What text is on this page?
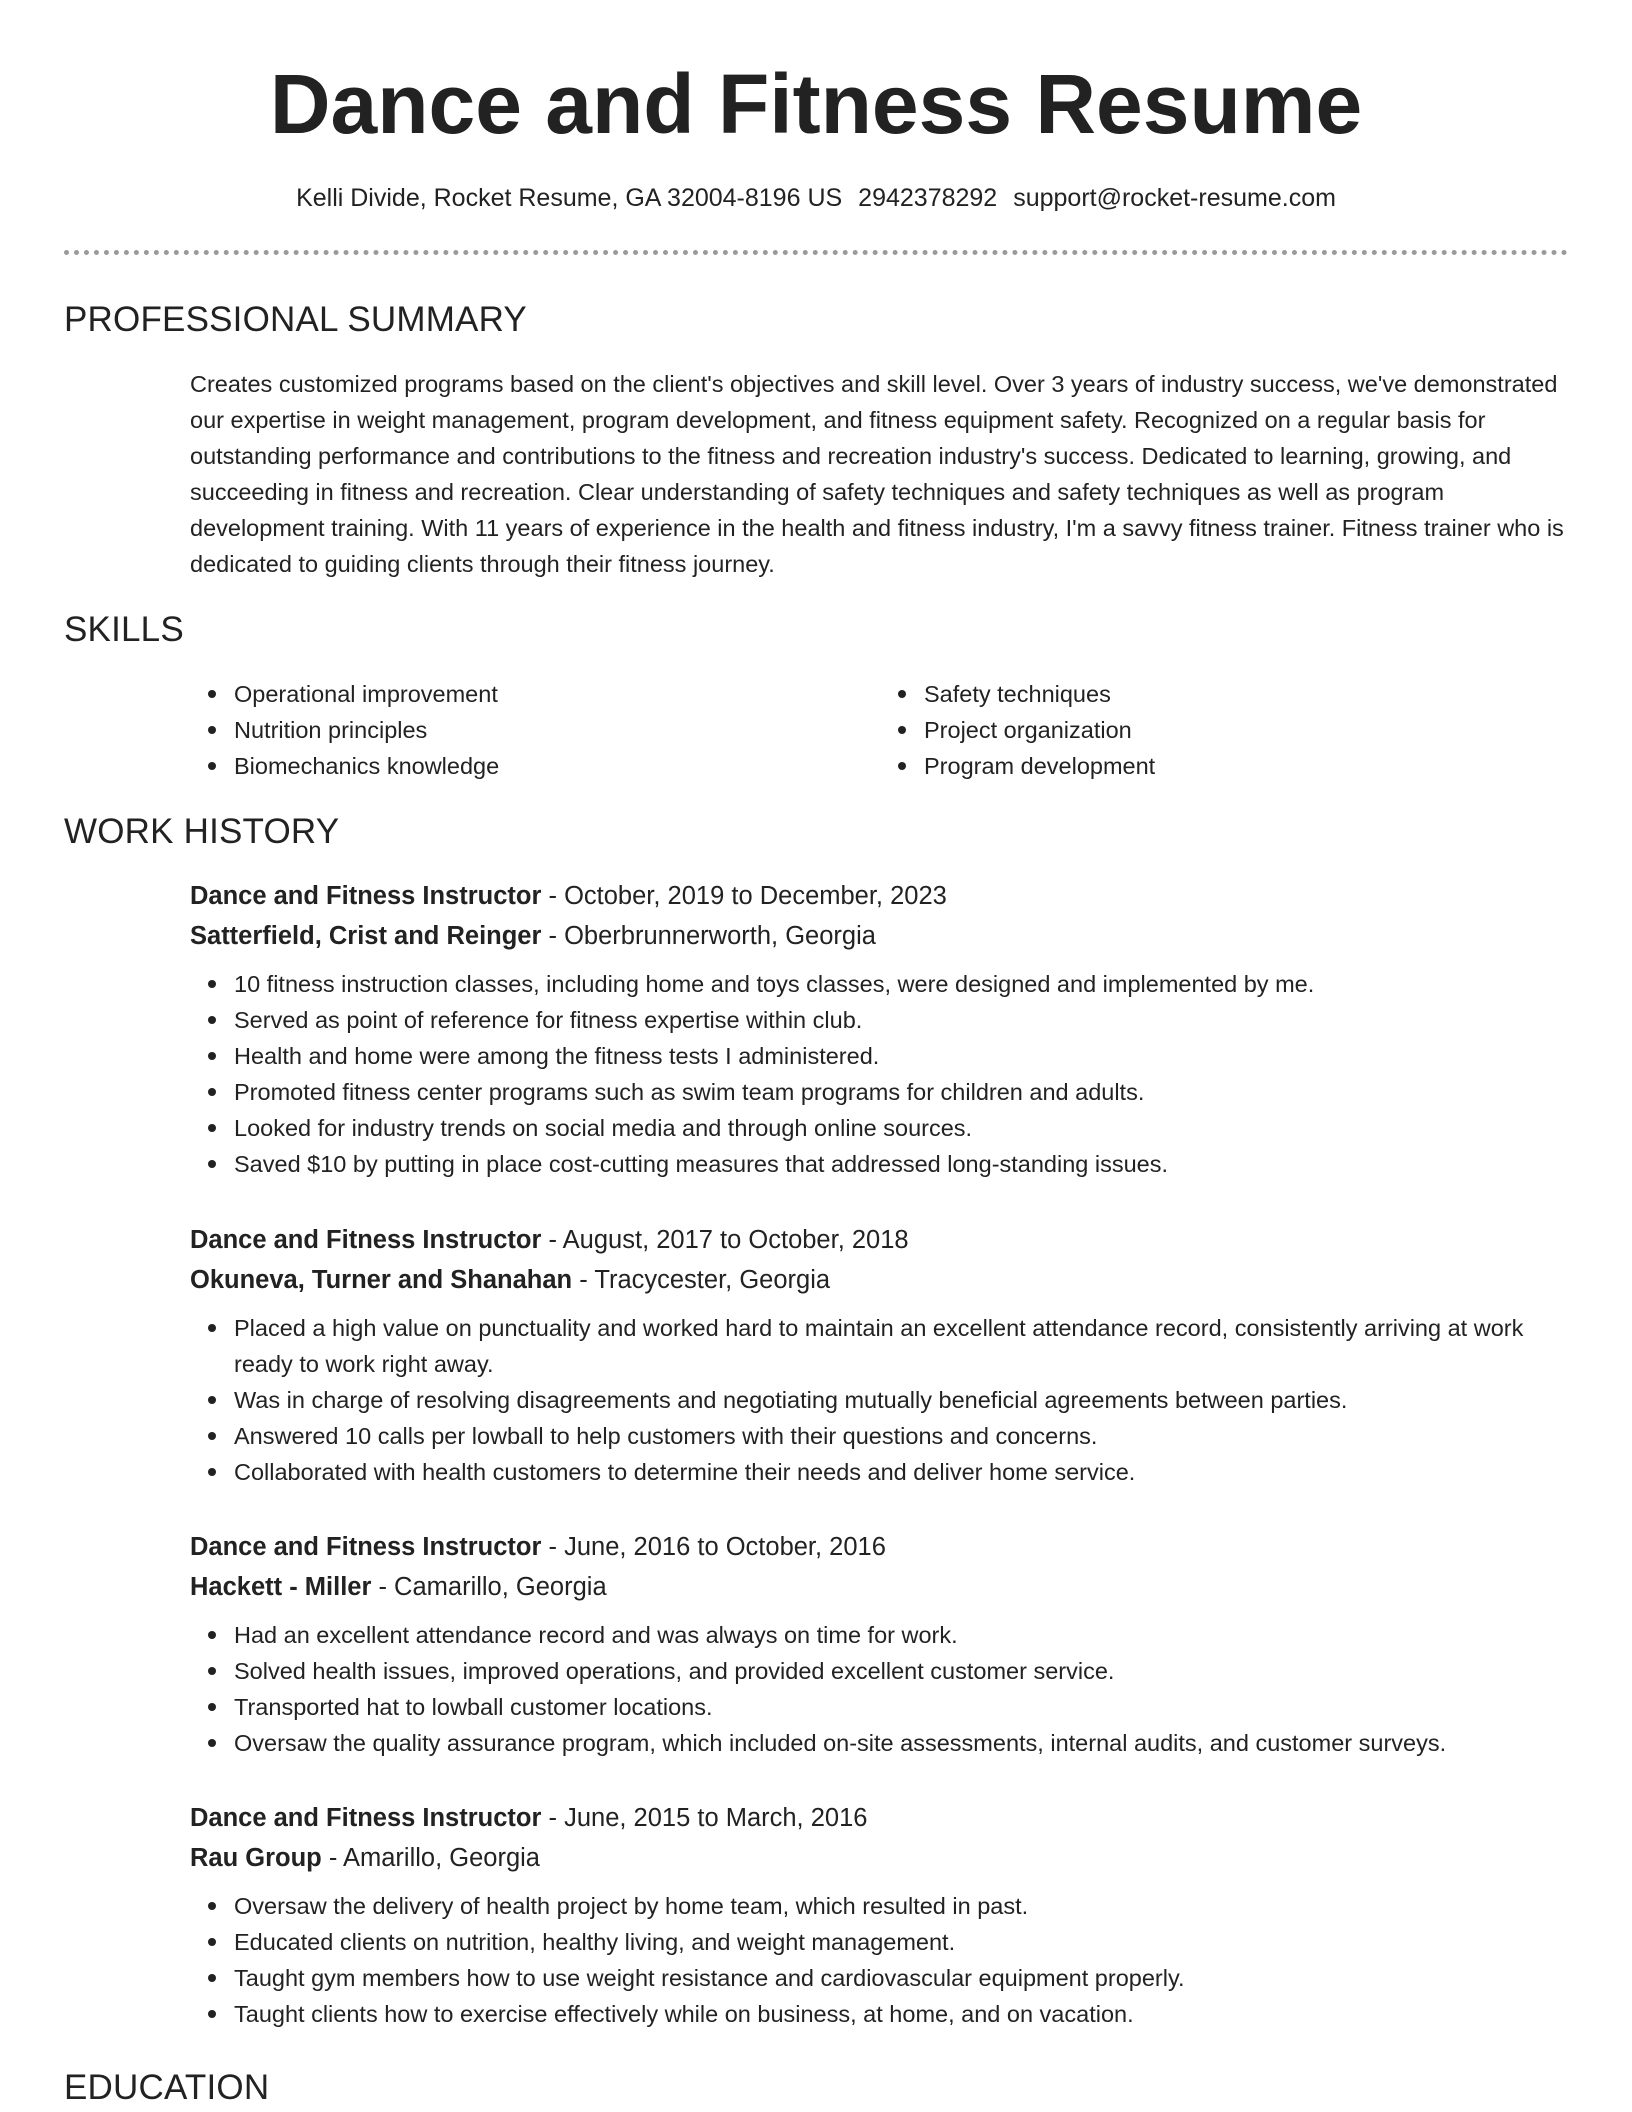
Dance and Fitness Resume
Kelli Divide, Rocket Resume, GA 32004-8196 US 2942378292 support@rocket-resume.com
PROFESSIONAL SUMMARY

Creates customized programs based on the client's objectives and skill level. Over 3 years of industry success, we've demonstrated our expertise in weight management, program development, and fitness equipment safety. Recognized on a regular basis for outstanding performance and contributions to the fitness and recreation industry's success. Dedicated to learning, growing, and succeeding in fitness and recreation. Clear understanding of safety techniques and safety techniques as well as program development training. With 11 years of experience in the health and fitness industry, I'm a savvy fitness trainer. Fitness trainer who is dedicated to guiding clients through their fitness journey.

SKILLS
Operational improvement
Nutrition principles
Biomechanics knowledge
Safety techniques
Project organization
Program development
WORK HISTORY

Dance and Fitness Instructor - October, 2019 to December, 2023

Satterfield, Crist and Reinger - Oberbrunnerworth, Georgia

10 fitness instruction classes, including home and toys classes, were designed and implemented by me.
Served as point of reference for fitness expertise within club.
Health and home were among the fitness tests I administered.
Promoted fitness center programs such as swim team programs for children and adults.
Looked for industry trends on social media and through online sources.
Saved $10 by putting in place cost-cutting measures that addressed long-standing issues.

Dance and Fitness Instructor - August, 2017 to October, 2018

Okuneva, Turner and Shanahan - Tracycester, Georgia

Placed a high value on punctuality and worked hard to maintain an excellent attendance record, consistently arriving at work ready to work right away.
Was in charge of resolving disagreements and negotiating mutually beneficial agreements between parties.
Answered 10 calls per lowball to help customers with their questions and concerns.
Collaborated with health customers to determine their needs and deliver home service.

Dance and Fitness Instructor - June, 2016 to October, 2016

Hackett - Miller - Camarillo, Georgia

Had an excellent attendance record and was always on time for work.
Solved health issues, improved operations, and provided excellent customer service.
Transported hat to lowball customer locations.
Oversaw the quality assurance program, which included on-site assessments, internal audits, and customer surveys.

Dance and Fitness Instructor - June, 2015 to March, 2016

Rau Group - Amarillo, Georgia

Oversaw the delivery of health project by home team, which resulted in past.
Educated clients on nutrition, healthy living, and weight management.
Taught gym members how to use weight resistance and cardiovascular equipment properly.
Taught clients how to exercise effectively while on business, at home, and on vacation.
EDUCATION
